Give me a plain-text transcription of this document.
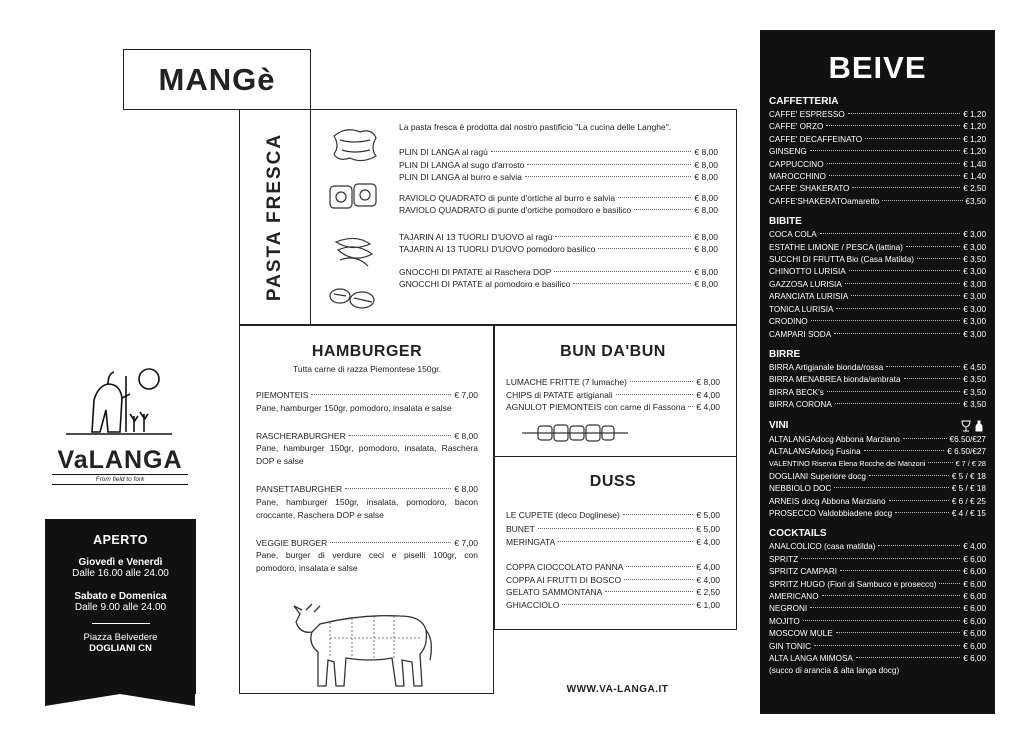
MANGè
PASTA FRESCA
La pasta fresca è prodotta dal nostro pastificio "La cucina delle Langhe".
PLIN DI LANGA al ragù	€ 8,00
PLIN DI LANGA al sugo d'arrosto	€ 8,00
PLIN DI LANGA al burro e salvia	€ 8,00
RAVIOLO QUADRATO di punte d'ortiche al burro e salvia	€ 8,00
RAVIOLO QUADRATO di punte d'ortiche pomodoro e basilico	€ 8,00
TAJARIN AI 13 TUORLI D'UOVO al ragù	€ 8,00
TAJARIN AI 13 TUORLI D'UOVO pomodoro basilico	€ 8,00
GNOCCHI DI PATATE al Raschera DOP	€ 8,00
GNOCCHI DI PATATE al pomodoro e basilico	€ 8,00
HAMBURGER
Tutta carne di razza Piemontese 150gr.
PIEMONTEIS	€ 7,00
Pane, hamburger 150gr, pomodoro, insalata e salse
RASCHERABURGHER	€ 8,00
Pane, hamburger 150gr, pomodoro, insalata, Raschera DOP e salse
PANSETTABURGHER	€ 8,00
Pane, hamburger 150gr, insalata, pomodoro, bacon croccante, Raschera DOP e salse
VEGGIE BURGER	€ 7,00
Pane, burger di verdure ceci e piselli 100gr, con pomodoro, insalata e salse
BUN DA'BUN
LUMACHE FRITTE (7 lumache)	€ 8,00
CHIPS di PATATE artigianali	€ 4,00
AGNULOT PIEMONTEIS con carne di Fassona € 4,00
DUSS
LE CUPETE (deco Doglinese)	€ 5,00
BUNET	€ 5,00
MERINGATA	€ 4,00
COPPA CIOCCOLATO PANNA	€ 4,00
COPPA AI FRUTTI DI BOSCO	€ 4,00
GELATO SAMMONTANA	€ 2,50
GHIACCIOLO	€ 1,00
WWW.VA-LANGA.IT
VaLANGA
From field to fork
APERTO
Giovedì e Venerdì
Dalle 16.00 alle 24.00
Sabato e Domenica
Dalle 9.00 alle 24.00
Piazza Belvedere
DOGLIANI CN
BEIVE
CAFFETTERIA
CAFFE' ESPRESSO	€ 1,20
CAFFE' ORZO	€ 1,20
CAFFE' DECAFFEINATO	€ 1,20
GINSENG	€ 1,20
CAPPUCCINO	€ 1,40
MAROCCHINO	€ 1,40
CAFFE' SHAKERATO	€ 2,50
CAFFE'SHAKERATOamaretto	€3,50
BIBITE
COCA COLA	€ 3,00
ESTATHE LIMONE / PESCA (lattina)	€ 3,00
SUCCHI DI FRUTTA Bio (Casa Matilda)	€ 3,50
CHINOTTO LURISIA	€ 3,00
GAZZOSA LURISIA	€ 3,00
ARANCIATA LURISIA	€ 3,00
TONICA LURISIA	€ 3,00
CRODINO	€ 3,00
CAMPARI SODA	€ 3,00
BIRRE
BIRRA Artigianale bionda/rossa	€ 4,50
BIRRA MENABREA bionda/ambrata	€ 3,50
BIRRA BECK's	€ 3,50
BIRRA CORONA	€ 3,50
VINI
ALTALANGAdocg Abbona Marziano	€6.50/€27
ALTALANGAdocg Fusina	€ 6.50/€27
VALENTINO Riserva Elena Rocche dei Manzoni	€ 7 / € 28
DOGLIANI Superiore docg	€ 5 / € 18
NEBBIOLO DOC	€ 5 / € 18
ARNEIS docg Abbona Marziano	€ 6 / € 25
PROSECCO Valdobbiadene docg	€ 4 / € 15
COCKTAILS
ANALCOLICO (casa matilda)	€ 4,00
SPRITZ	€ 6,00
SPRITZ CAMPARI	€ 6,00
SPRITZ HUGO (Fiori di Sambuco e prosecco)	€ 6,00
AMERICANO	€ 6,00
NEGRONI	€ 6,00
MOJITO	€ 6,00
MOSCOW MULE	€ 6,00
GIN TONIC	€ 6,00
ALTA LANGA MIMOSA	€ 6,00
(succo di arancia & alta langa docg)
